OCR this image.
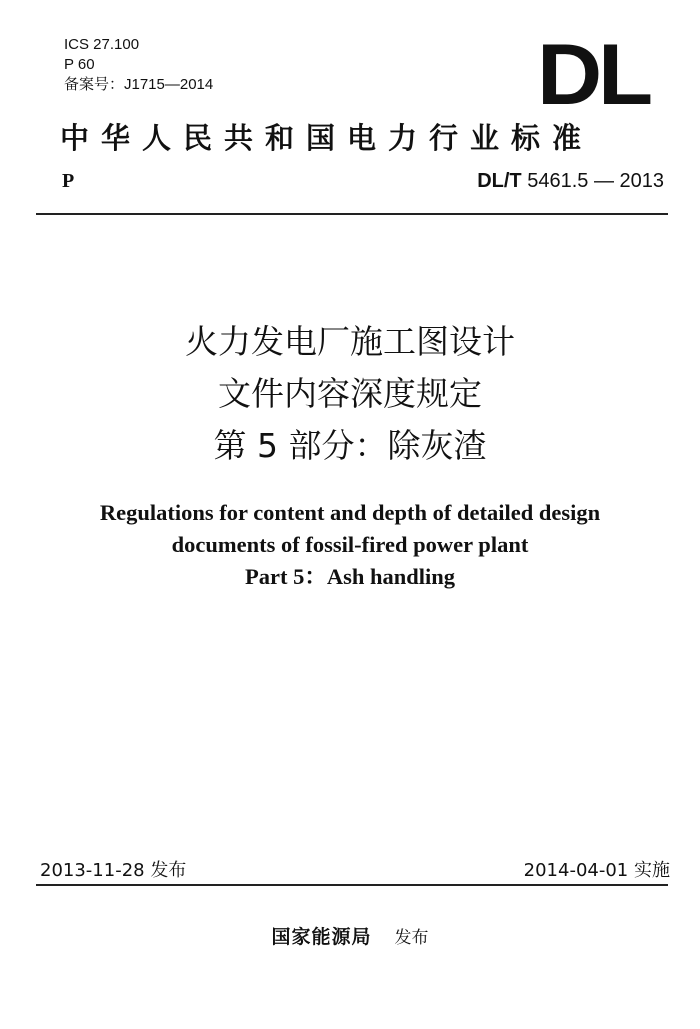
ICS 27.100
P 60
备案号：J1715—2014	DL
中华人民共和国电力行业标准
P	DL/T 5461.5 — 2013
火力发电厂施工图设计
文件内容深度规定
第 5 部分：除灰渣
Regulations for content and depth of detailed design
documents of fossil-fired power plant
Part 5：Ash handling
2013-11-28 发布	2014-04-01 实施
国家能源局 发布
